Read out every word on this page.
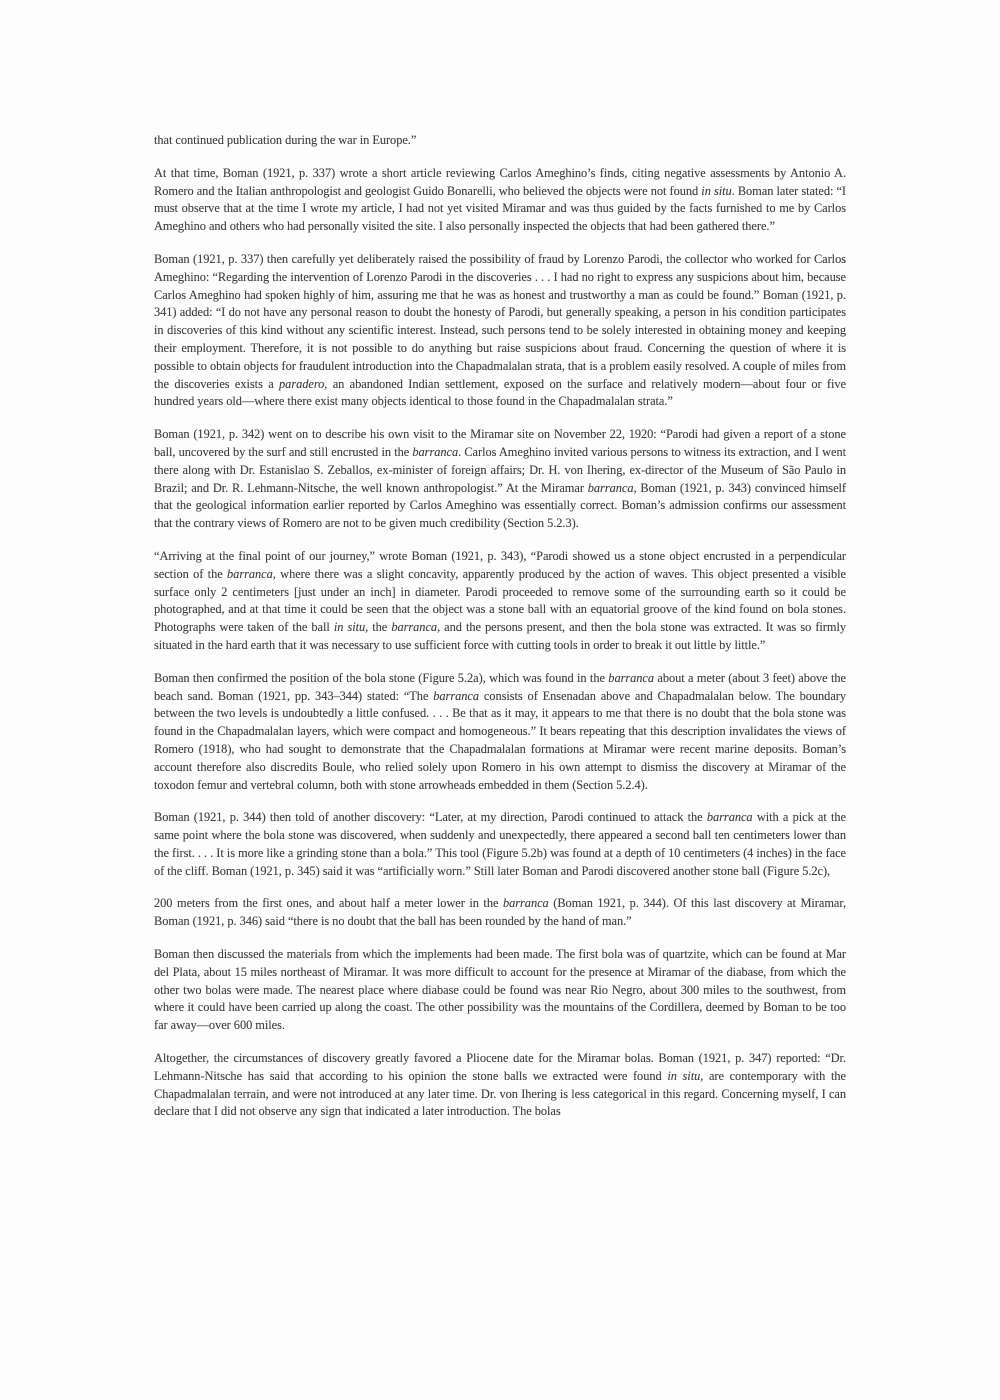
that continued publication during the war in Europe.”

At that time, Boman (1921, p. 337) wrote a short article reviewing Carlos Ameghino’s finds, citing negative assessments by Antonio A. Romero and the Italian anthropologist and geologist Guido Bonarelli, who believed the objects were not found in situ. Boman later stated: “I must observe that at the time I wrote my article, I had not yet visited Miramar and was thus guided by the facts furnished to me by Carlos Ameghino and others who had personally visited the site. I also personally inspected the objects that had been gathered there.”

Boman (1921, p. 337) then carefully yet deliberately raised the possibility of fraud by Lorenzo Parodi, the collector who worked for Carlos Ameghino: “Regarding the intervention of Lorenzo Parodi in the discoveries . . . I had no right to express any suspicions about him, because Carlos Ameghino had spoken highly of him, assuring me that he was as honest and trustworthy a man as could be found.” Boman (1921, p. 341) added: “I do not have any personal reason to doubt the honesty of Parodi, but generally speaking, a person in his condition participates in discoveries of this kind without any scientific interest. Instead, such persons tend to be solely interested in obtaining money and keeping their employment. Therefore, it is not possible to do anything but raise suspicions about fraud. Concerning the question of where it is possible to obtain objects for fraudulent introduction into the Chapadmalalan strata, that is a problem easily resolved. A couple of miles from the discoveries exists a paradero, an abandoned Indian settlement, exposed on the surface and relatively modern—about four or five hundred years old—where there exist many objects identical to those found in the Chapadmalalan strata.”

Boman (1921, p. 342) went on to describe his own visit to the Miramar site on November 22, 1920: “Parodi had given a report of a stone ball, uncovered by the surf and still encrusted in the barranca. Carlos Ameghino invited various persons to witness its extraction, and I went there along with Dr. Estanislao S. Zeballos, ex-minister of foreign affairs; Dr. H. von Ihering, ex-director of the Museum of São Paulo in Brazil; and Dr. R. Lehmann-Nitsche, the well known anthropologist.” At the Miramar barranca, Boman (1921, p. 343) convinced himself that the geological information earlier reported by Carlos Ameghino was essentially correct. Boman’s admission confirms our assessment that the contrary views of Romero are not to be given much credibility (Section 5.2.3).

“Arriving at the final point of our journey,” wrote Boman (1921, p. 343), “Parodi showed us a stone object encrusted in a perpendicular section of the barranca, where there was a slight concavity, apparently produced by the action of waves. This object presented a visible surface only 2 centimeters [just under an inch] in diameter. Parodi proceeded to remove some of the surrounding earth so it could be photographed, and at that time it could be seen that the object was a stone ball with an equatorial groove of the kind found on bola stones. Photographs were taken of the ball in situ, the barranca, and the persons present, and then the bola stone was extracted. It was so firmly situated in the hard earth that it was necessary to use sufficient force with cutting tools in order to break it out little by little.”

Boman then confirmed the position of the bola stone (Figure 5.2a), which was found in the barranca about a meter (about 3 feet) above the beach sand. Boman (1921, pp. 343–344) stated: “The barranca consists of Ensenadan above and Chapadmalalan below. The boundary between the two levels is undoubtedly a little confused. . . . Be that as it may, it appears to me that there is no doubt that the bola stone was found in the Chapadmalalan layers, which were compact and homogeneous.” It bears repeating that this description invalidates the views of Romero (1918), who had sought to demonstrate that the Chapadmalalan formations at Miramar were recent marine deposits. Boman’s account therefore also discredits Boule, who relied solely upon Romero in his own attempt to dismiss the discovery at Miramar of the toxodon femur and vertebral column, both with stone arrowheads embedded in them (Section 5.2.4).

Boman (1921, p. 344) then told of another discovery: “Later, at my direction, Parodi continued to attack the barranca with a pick at the same point where the bola stone was discovered, when suddenly and unexpectedly, there appeared a second ball ten centimeters lower than the first. . . . It is more like a grinding stone than a bola.” This tool (Figure 5.2b) was found at a depth of 10 centimeters (4 inches) in the face of the cliff. Boman (1921, p. 345) said it was “artificially worn.” Still later Boman and Parodi discovered another stone ball (Figure 5.2c),

200 meters from the first ones, and about half a meter lower in the barranca (Boman 1921, p. 344). Of this last discovery at Miramar, Boman (1921, p. 346) said “there is no doubt that the ball has been rounded by the hand of man.”

Boman then discussed the materials from which the implements had been made. The first bola was of quartzite, which can be found at Mar del Plata, about 15 miles northeast of Miramar. It was more difficult to account for the presence at Miramar of the diabase, from which the other two bolas were made. The nearest place where diabase could be found was near Rio Negro, about 300 miles to the southwest, from where it could have been carried up along the coast. The other possibility was the mountains of the Cordillera, deemed by Boman to be too far away—over 600 miles.

Altogether, the circumstances of discovery greatly favored a Pliocene date for the Miramar bolas. Boman (1921, p. 347) reported: “Dr. Lehmann-Nitsche has said that according to his opinion the stone balls we extracted were found in situ, are contemporary with the Chapadmalalan terrain, and were not introduced at any later time. Dr. von Ihering is less categorical in this regard. Concerning myself, I can declare that I did not observe any sign that indicated a later introduction. The bolas
